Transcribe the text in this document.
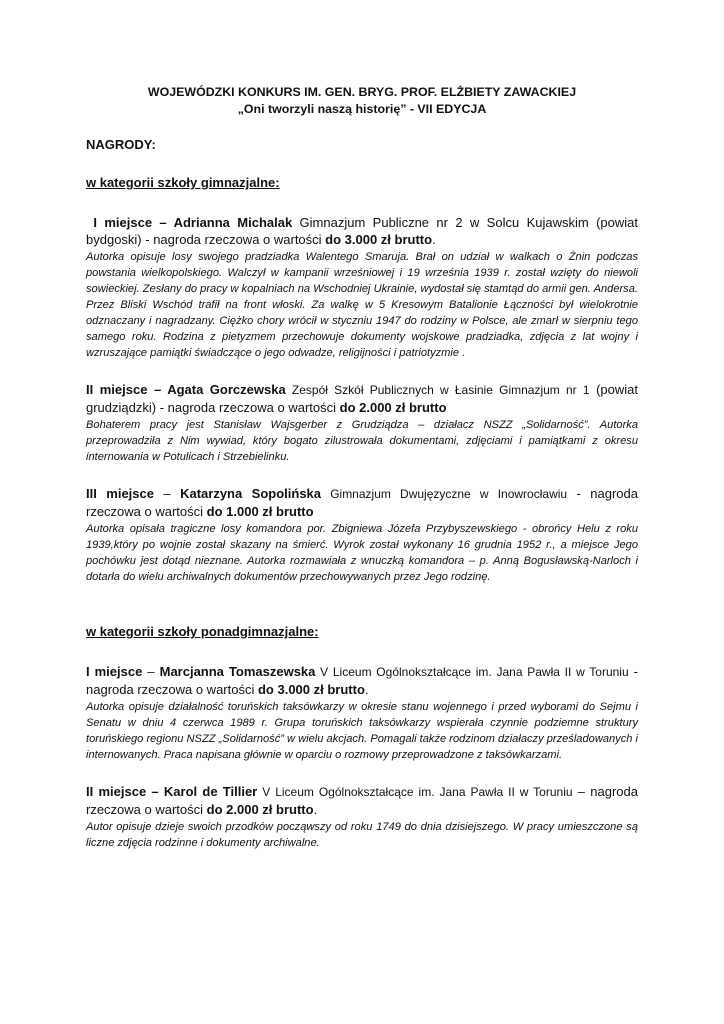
WOJEWÓDZKI KONKURS IM. GEN. BRYG. PROF. ELŻBIETY ZAWACKIEJ

„Oni tworzyli naszą historię” - VII EDYCJA

NAGRODY:

w kategorii szkoły gimnazjalne:

I miejsce – Adrianna Michalak Gimnazjum Publiczne nr 2 w Solcu Kujawskim (powiat bydgoski) - nagroda rzeczowa o wartości do 3.000 zł brutto.

Autorka opisuje losy swojego pradziadka Walentego Smaruja. Brał on udział w walkach o Żnin podczas powstania wielkopolskiego. Walczył w kampanii wrześniowej i 19 września 1939 r. został wzięty do niewoli sowieckiej. Zesłany do pracy w kopalniach na Wschodniej Ukrainie, wydostał się stamtąd do armii gen. Andersa. Przez Bliski Wschód trafił na front włoski. Za walkę w 5 Kresowym Batalionie Łączności był wielokrotnie odznaczany i nagradzany. Ciężko chory wrócił w styczniu 1947 do rodziny w Polsce, ale zmarł w sierpniu tego samego roku. Rodzina z pietyzmem przechowuje dokumenty wojskowe pradziadka, zdjęcia z lat wojny i wzruszające pamiątki świadczące o jego odwadze, religijności i patriotyzmie .

II miejsce – Agata Gorczewska Zespół Szkół Publicznych w Łasinie Gimnazjum nr 1 (powiat grudziądzki) - nagroda rzeczowa o wartości do 2.000 zł brutto

Bohaterem pracy jest Stanisław Wajsgerber z Grudziądza – działacz NSZZ „Solidarność”. Autorka przeprowadziła z Nim wywiad, który bogato zilustrowała dokumentami, zdjęciami i pamiątkami z okresu internowania w Potulicach i Strzebielinku.

III miejsce – Katarzyna Sopolińska Gimnazjum Dwujęzyczne w Inowrocławiu - nagroda rzeczowa o wartości do 1.000 zł brutto

Autorka opisała tragiczne losy komandora por. Zbigniewa Józefa Przybyszewskiego - obrońcy Helu z roku 1939,który po wojnie został skazany na śmierć. Wyrok został wykonany 16 grudnia 1952 r., a miejsce Jego pochówku jest dotąd nieznane. Autorka rozmawiała z wnuczką komandora – p. Anną Bogusławską-Narloch i dotarła do wielu archiwalnych dokumentów przechowywanych przez Jego rodzinę.

w kategorii szkoły ponadgimnazjalne:

I miejsce – Marcjanna Tomaszewska V Liceum Ogólnokształcące im. Jana Pawła II w Toruniu - nagroda rzeczowa o wartości do 3.000 zł brutto.

Autorka opisuje działalność toruńskich taksówkarzy w okresie stanu wojennego i przed wyborami do Sejmu i Senatu w dniu 4 czerwca 1989 r. Grupa toruńskich taksówkarzy wspierała czynnie podziemne struktury toruńskiego regionu NSZZ „Solidarność” w wielu akcjach. Pomagali także rodzinom działaczy prześladowanych i internowanych. Praca napisana głównie w oparciu o rozmowy przeprowadzone z taksówkarzami.

II miejsce – Karol de Tillier V Liceum Ogólnokształcące im. Jana Pawła II w Toruniu – nagroda rzeczowa o wartości do 2.000 zł brutto.

Autor opisuje dzieje swoich przodków począwszy od roku 1749 do dnia dzisiejszego. W pracy umieszczone są liczne zdjęcia rodzinne i dokumenty archiwalne.
